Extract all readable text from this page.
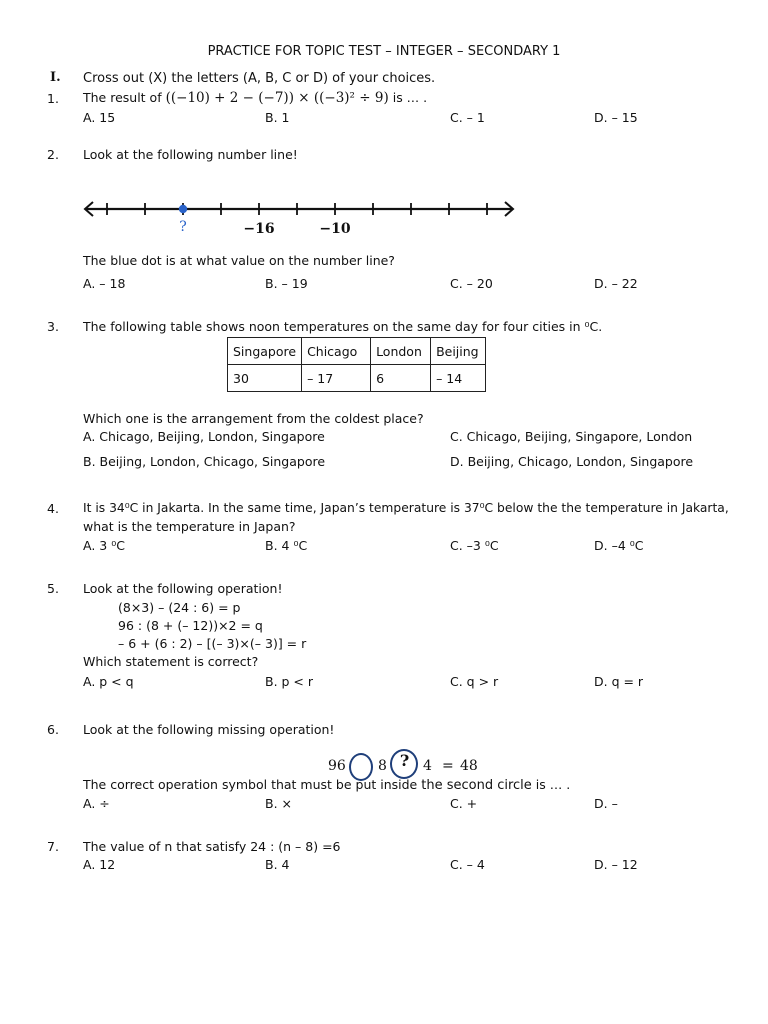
PRACTICE FOR TOPIC TEST – INTEGER – SECONDARY 1
I. Cross out (X) the letters (A, B, C or D) of your choices.
1. The result of ((−10) + 2 − (−7)) × ((−3)² ÷ 9) is … .
A. 15	B. 1	C. – 1	D. – 15
2. Look at the following number line!
?	−16	−10
The blue dot is at what value on the number line?
A. – 18	B. – 19	C. – 20	D. – 22
3. The following table shows noon temperatures on the same day for four cities in ⁰C.
Singapore	Chicago	London	Beijing
30	– 17	6	– 14
Which one is the arrangement from the coldest place?
A. Chicago, Beijing, London, Singapore	C. Chicago, Beijing, Singapore, London
B. Beijing, London, Chicago, Singapore	D. Beijing, Chicago, London, Singapore
4. It is 34⁰C in Jakarta. In the same time, Japan’s temperature is 37⁰C below the the temperature in Jakarta,
what is the temperature in Japan?
A. 3 ⁰C	B. 4 ⁰C	C. –3 ⁰C	D. –4 ⁰C
5. Look at the following operation!
(8×3) – (24 : 6) = p
96 : (8 + (– 12))×2 = q
– 6 + (6 : 2) – [(– 3)×(– 3)] = r
Which statement is correct?
A. p < q	B. p < r	C. q > r	D. q = r
6. Look at the following missing operation!
96 8 ? 4 = 48
The correct operation symbol that must be put inside the second circle is … .
A. ÷	B. ×	C. +	D. –
7. The value of n that satisfy 24 : (n – 8) =6
A. 12	B. 4	C. – 4	D. – 12
